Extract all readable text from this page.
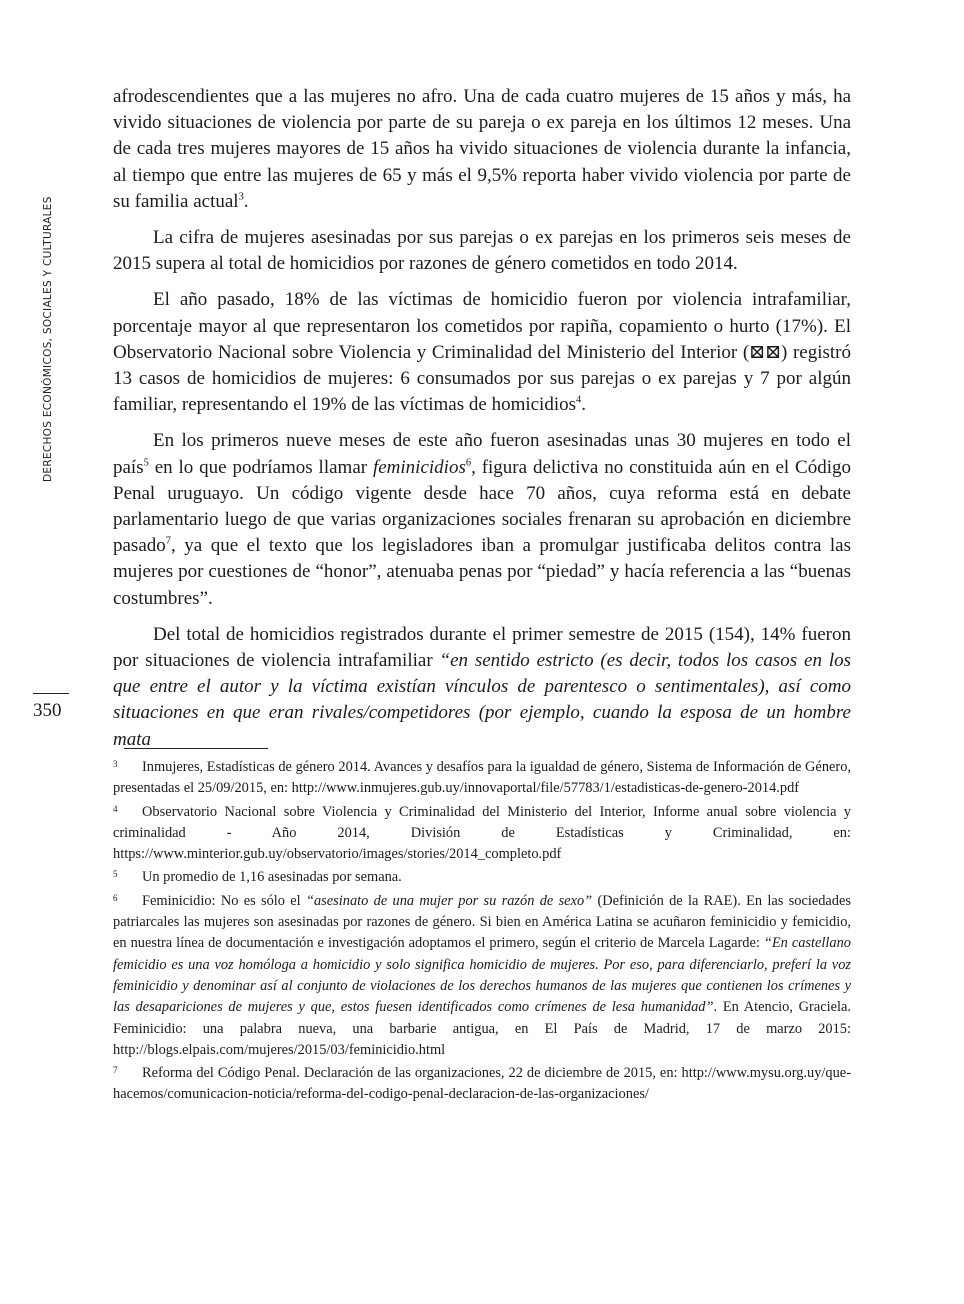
DERECHOS ECONÓMICOS, SOCIALES Y CULTURALES
350

afrodescendientes que a las mujeres no afro. Una de cada cuatro mujeres de 15 años y más, ha vivido situaciones de violencia por parte de su pareja o ex pareja en los últimos 12 meses. Una de cada tres mujeres mayores de 15 años ha vivido situaciones de violencia durante la infancia, al tiempo que entre las mujeres de 65 y más el 9,5% reporta haber vivido violencia por parte de su familia actual$^3$.

La cifra de mujeres asesinadas por sus parejas o ex parejas en los primeros seis meses de 2015 supera al total de homicidios por razones de género cometidos en todo 2014.

El año pasado, 18% de las víctimas de homicidio fueron por violencia intrafamiliar, porcentaje mayor al que representaron los cometidos por rapiña, copamiento o hurto (17%). El Observatorio Nacional sobre Violencia y Criminalidad del Ministerio del Interior (⊠⊠) registró 13 casos de homicidios de mujeres: 6 consumados por sus parejas o ex parejas y 7 por algún familiar, representando el 19% de las víctimas de homicidios$^4$.

En los primeros nueve meses de este año fueron asesinadas unas 30 mujeres en todo el país$^5$ en lo que podríamos llamar feminicidios$^6$, figura delictiva no constituida aún en el Código Penal uruguayo. Un código vigente desde hace 70 años, cuya reforma está en debate parlamentario luego de que varias organizaciones sociales frenaran su aprobación en diciembre pasado$^7$, ya que el texto que los legisladores iban a promulgar justificaba delitos contra las mujeres por cuestiones de “honor”, atenuaba penas por “piedad” y hacía referencia a las “buenas costumbres”.

Del total de homicidios registrados durante el primer semestre de 2015 (154), 14% fueron por situaciones de violencia intrafamiliar “en sentido estricto (es decir, todos los casos en los que entre el autor y la víctima existían vínculos de parentesco o sentimentales), así como situaciones en que eran rivales/competidores (por ejemplo, cuando la esposa de un hombre mata

3 Inmujeres, Estadísticas de género 2014. Avances y desafíos para la igualdad de género, Sistema de Información de Género, presentadas el 25/09/2015, en: http://www.inmujeres.gub.uy/innovaportal/file/57783/1/estadisticas-de-genero-2014.pdf
4 Observatorio Nacional sobre Violencia y Criminalidad del Ministerio del Interior, Informe anual sobre violencia y criminalidad - Año 2014, División de Estadísticas y Criminalidad, en: https://www.minterior.gub.uy/observatorio/images/stories/2014_completo.pdf
5 Un promedio de 1,16 asesinadas por semana.
6 Feminicidio: No es sólo el “asesinato de una mujer por su razón de sexo” (Definición de la RAE). En las sociedades patriarcales las mujeres son asesinadas por razones de género. Si bien en América Latina se acuñaron feminicidio y femicidio, en nuestra línea de documentación e investigación adoptamos el primero, según el criterio de Marcela Lagarde: “En castellano femicidio es una voz homóloga a homicidio y solo significa homicidio de mujeres. Por eso, para diferenciarlo, preferí la voz feminicidio y denominar así al conjunto de violaciones de los derechos humanos de las mujeres que contienen los crímenes y las desapariciones de mujeres y que, estos fuesen identificados como crímenes de lesa humanidad”. En Atencio, Graciela. Feminicidio: una palabra nueva, una barbarie antigua, en El País de Madrid, 17 de marzo 2015: http://blogs.elpais.com/mujeres/2015/03/feminicidio.html
7 Reforma del Código Penal. Declaración de las organizaciones, 22 de diciembre de 2015, en: http://www.mysu.org.uy/que-hacemos/comunicacion-noticia/reforma-del-codigo-penal-declaracion-de-las-organizaciones/
